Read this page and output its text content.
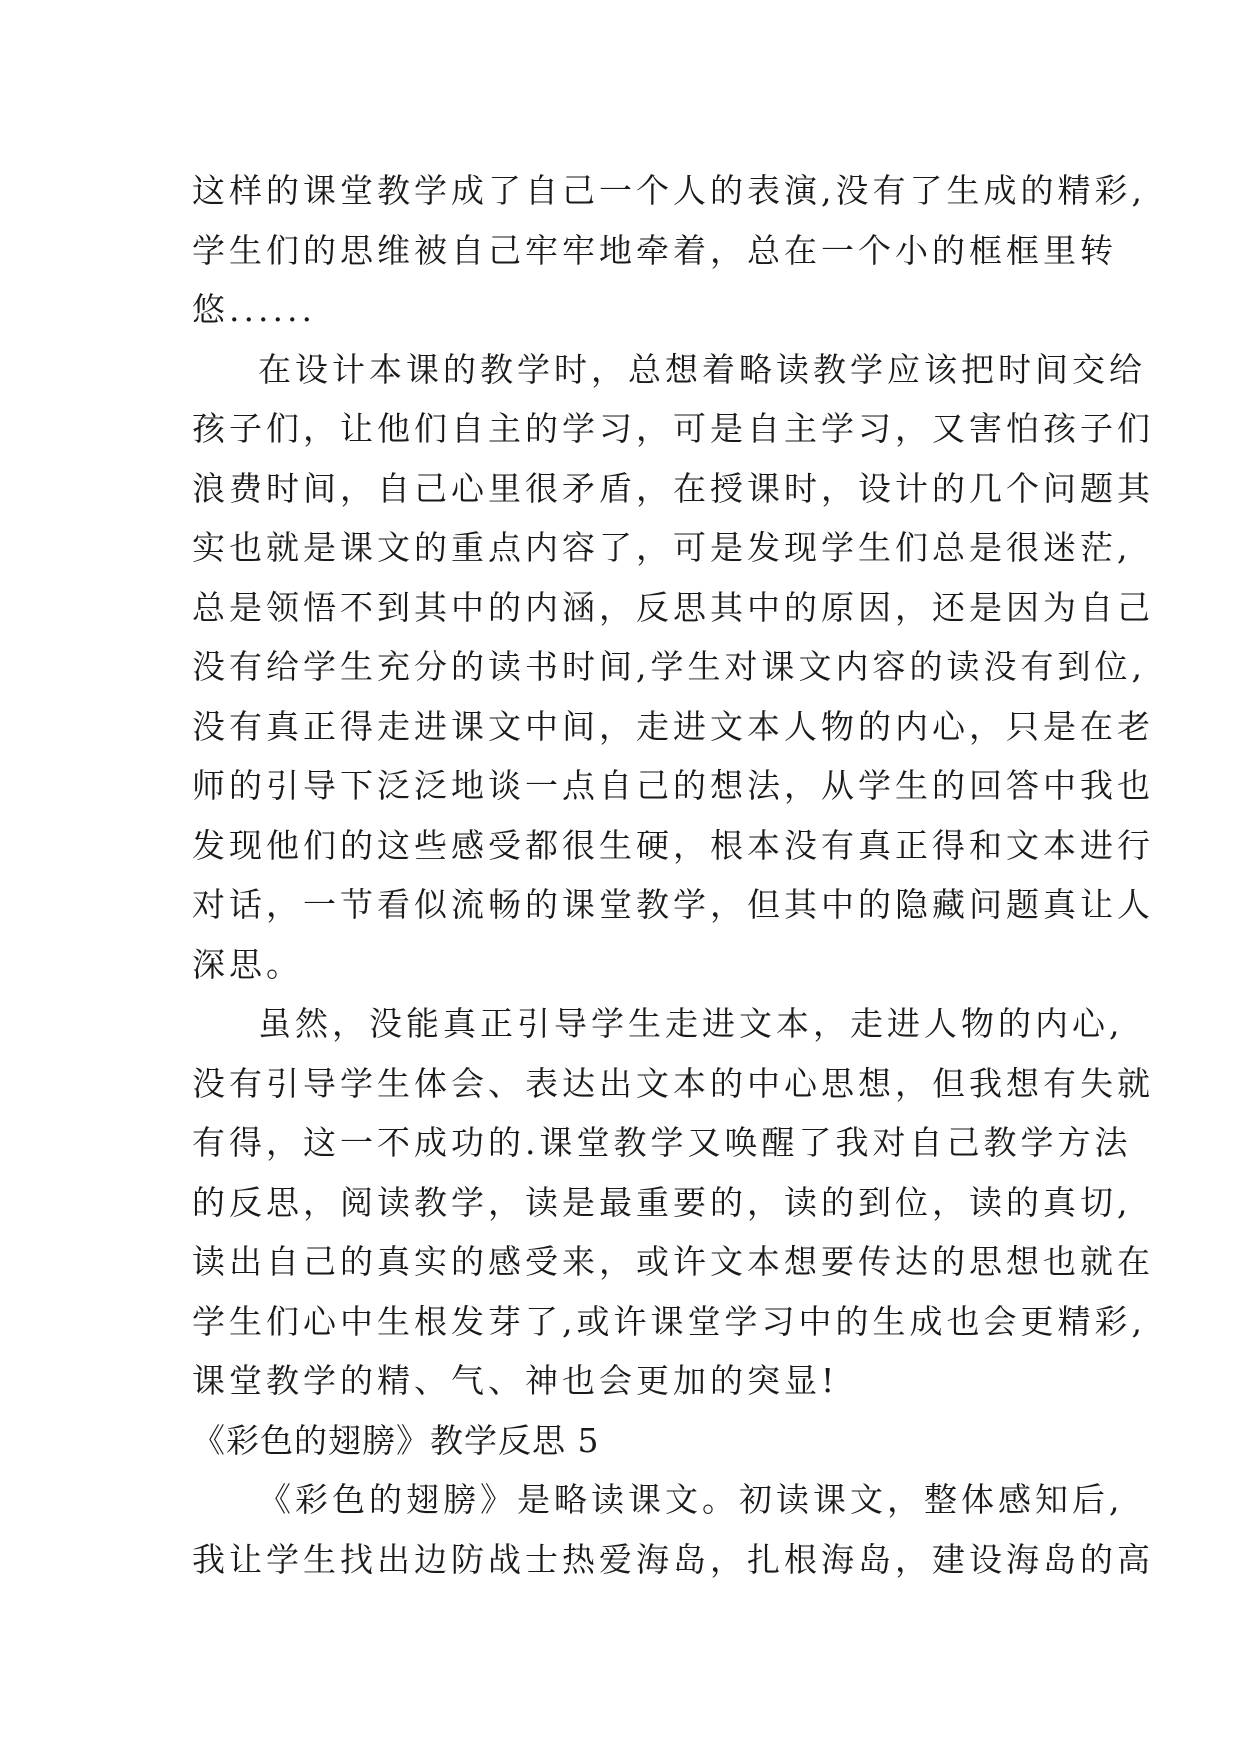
这样的课堂教学成了自己一个人的表演,没有了生成的精彩,
学生们的思维被自己牢牢地牵着，总在一个小的框框里转
悠......
在设计本课的教学时，总想着略读教学应该把时间交给
孩子们，让他们自主的学习，可是自主学习，又害怕孩子们
浪费时间，自己心里很矛盾，在授课时，设计的几个问题其
实也就是课文的重点内容了，可是发现学生们总是很迷茫,
总是领悟不到其中的内涵，反思其中的原因，还是因为自己
没有给学生充分的读书时间,学生对课文内容的读没有到位,
没有真正得走进课文中间，走进文本人物的内心，只是在老
师的引导下泛泛地谈一点自己的想法，从学生的回答中我也
发现他们的这些感受都很生硬，根本没有真正得和文本进行
对话，一节看似流畅的课堂教学，但其中的隐藏问题真让人
深思。
虽然，没能真正引导学生走进文本，走进人物的内心,
没有引导学生体会、表达出文本的中心思想，但我想有失就
有得，这一不成功的.课堂教学又唤醒了我对自己教学方法
的反思，阅读教学，读是最重要的，读的到位，读的真切,
读出自己的真实的感受来，或许文本想要传达的思想也就在
学生们心中生根发芽了,或许课堂学习中的生成也会更精彩,
课堂教学的精、气、神也会更加的突显!
《彩色的翅膀》教学反思 5
《彩色的翅膀》是略读课文。初读课文，整体感知后,
我让学生找出边防战士热爱海岛，扎根海岛，建设海岛的高
